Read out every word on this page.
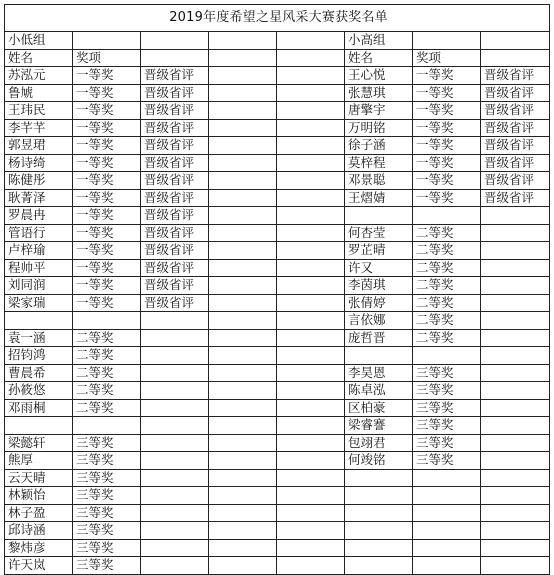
2019年度希望之星风采大赛获奖名单							
小低组					小高组		
姓名	奖项				姓名	奖项	
苏泓元	一等奖	晋级省评			王心悦	一等奖	晋级省评
鲁虓	一等奖	晋级省评			张慧琪	一等奖	晋级省评
王玮民	一等奖	晋级省评			唐擎宇	一等奖	晋级省评
李芊芊	一等奖	晋级省评			万明铭	一等奖	晋级省评
郭昱珺	一等奖	晋级省评			徐子涵	一等奖	晋级省评
杨诗绮	一等奖	晋级省评			莫梓程	一等奖	晋级省评
陈健彤	一等奖	晋级省评			邓景聪	一等奖	晋级省评
耿菁泽	一等奖	晋级省评			王熠婧	一等奖	晋级省评
罗晨冉	一等奖	晋级省评					
管语行	一等奖	晋级省评			何杏莹	二等奖	
卢梓瑜	一等奖	晋级省评			罗芷晴	二等奖	
程帅平	一等奖	晋级省评			许又	二等奖	
刘同润	一等奖	晋级省评			李茵琪	二等奖	
梁家瑞	一等奖	晋级省评			张倩婷	二等奖	
					言依娜	二等奖	
袁一涵	二等奖				庞哲晋	二等奖	
招钧鸿	二等奖						
曹晨希	二等奖				李昊恩	三等奖	
孙筱悠	二等奖				陈卓泓	三等奖	
邓雨桐	二等奖				区柏豪	三等奖	
					梁睿謇	三等奖	
梁懿轩	三等奖				包翊君	三等奖	
熊厚	三等奖				何竣铭	三等奖	
云天晴	三等奖						
林颖怡	三等奖						
林子盈	三等奖						
邱诗涵	三等奖						
黎炜彦	三等奖						
许天岚	三等奖						
